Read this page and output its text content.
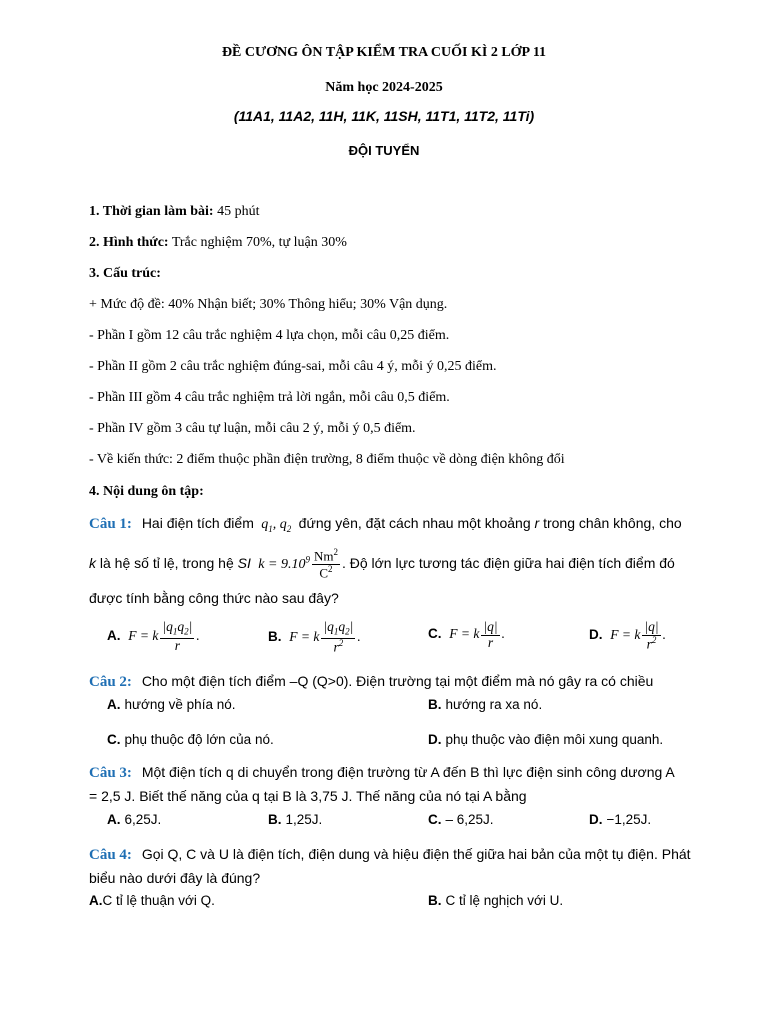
ĐỀ CƯƠNG ÔN TẬP KIỂM TRA CUỐI KÌ 2 LỚP 11
Năm học 2024-2025
(11A1, 11A2, 11H, 11K, 11SH, 11T1, 11T2, 11Ti)
ĐỘI TUYỂN
1. Thời gian làm bài: 45 phút
2. Hình thức: Trắc nghiệm 70%, tự luận 30%
3. Cấu trúc:
+ Mức độ đề: 40% Nhận biết; 30% Thông hiểu; 30% Vận dụng.
- Phần I gồm 12 câu trắc nghiệm 4 lựa chọn, mỗi câu 0,25 điểm.
- Phần II gồm 2 câu trắc nghiệm đúng-sai, mỗi câu 4 ý, mỗi ý 0,25 điểm.
- Phần III gồm 4 câu trắc nghiệm trả lời ngắn, mỗi câu 0,5 điểm.
- Phần IV gồm 3 câu tự luận, mỗi câu 2 ý, mỗi ý 0,5 điểm.
- Về kiến thức: 2 điểm thuộc phần điện trường, 8 điểm thuộc về dòng điện không đổi
4. Nội dung ôn tập:
Câu 1: Hai điện tích điểm  $q_1$, $q_2$ đứng yên, đặt cách nhau một khoảng r trong chân không, cho
k là hệ số tỉ lệ, trong hệ SI  $k = 9.10^9 \frac{Nm^2}{C^2}$ . Độ lớn lực tương tác điện giữa hai điện tích điểm đó
được tính bằng công thức nào sau đây?
A. F = k $\frac{|q_1q_2|}{r}$ .	B. F = k $\frac{|q_1q_2|}{r^2}$ .	C. F = k $\frac{|q|}{r}$ .	D. F = k $\frac{|q|}{r^2}$ .
Câu 2: Cho một điện tích điểm –Q (Q>0). Điện trường tại một điểm mà nó gây ra có chiều
A. hướng về phía nó.	B. hướng ra xa nó.
C. phụ thuộc độ lớn của nó.	D. phụ thuộc vào điện môi xung quanh.
Câu 3: Một điện tích q di chuyển trong điện trường từ A đến B thì lực điện sinh công dương A
= 2,5 J. Biết thế năng của q tại B là 3,75 J. Thế năng của nó tại A bằng
A. 6,25J.	B. 1,25J.	C. – 6,25J.	D. −1,25J.
Câu 4: Gọi Q, C và U là điện tích, điện dung và hiệu điện thế giữa hai bản của một tụ điện. Phát
biểu nào dưới đây là đúng?
A.C tỉ lệ thuận với Q.	B. C tỉ lệ nghịch với U.
